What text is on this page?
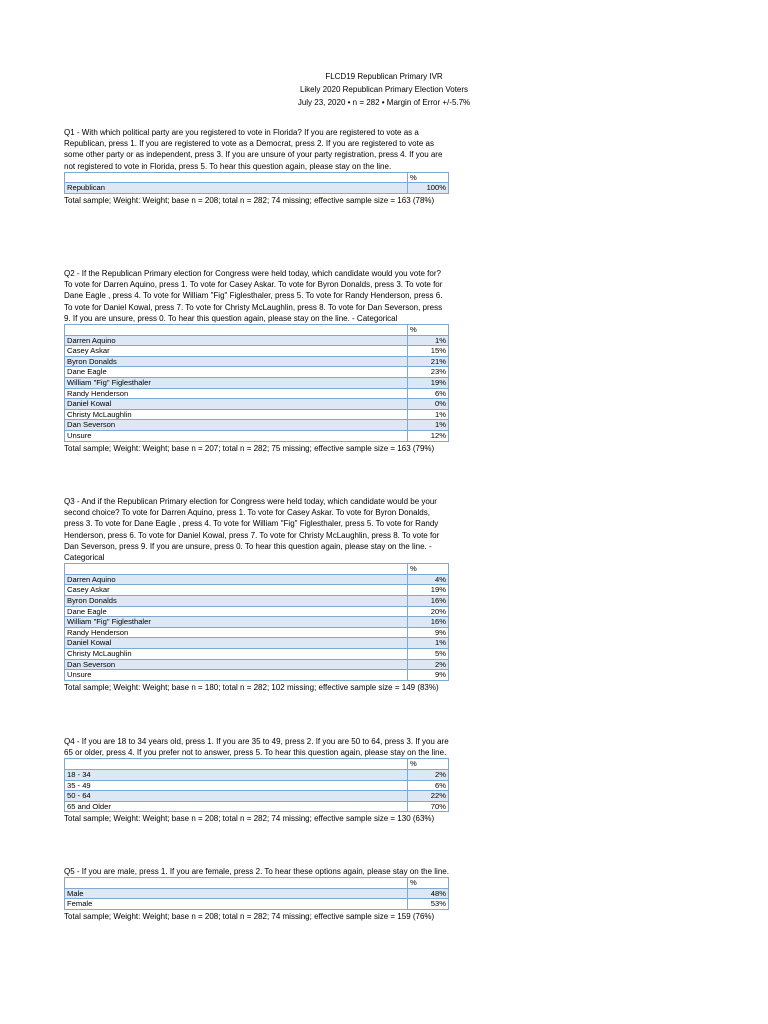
FLCD19 Republican Primary IVR
Likely 2020 Republican Primary Election Voters
July 23, 2020 • n = 282 • Margin of Error +/-5.7%

Q1 - With which political party are you registered to vote in Florida? If you are registered to vote as a Republican, press 1. If you are registered to vote as a Democrat, press 2. If you are registered to vote as some other party or as independent, press 3. If you are unsure of your party registration, press 4. If you are not registered to vote in Florida, press 5. To hear this question again, please stay on the line.

	%
Republican	100%

Total sample; Weight: Weight; base n = 208; total n = 282; 74 missing; effective sample size = 163 (78%)

Q2 - If the Republican Primary election for Congress were held today, which candidate would you vote for? To vote for Darren Aquino, press 1. To vote for Casey Askar. To vote for Byron Donalds, press 3. To vote for Dane Eagle , press 4. To vote for William "Fig" Figlesthaler, press 5. To vote for Randy Henderson, press 6. To vote for Daniel Kowal, press 7. To vote for Christy McLaughlin, press 8. To vote for Dan Severson, press 9. If you are unsure, press 0. To hear this question again, please stay on the line. - Categorical

	%
Darren Aquino	1%
Casey Askar	15%
Byron Donalds	21%
Dane Eagle	23%
William "Fig" Figlesthaler	19%
Randy Henderson	6%
Daniel Kowal	0%
Christy McLaughlin	1%
Dan Severson	1%
Unsure	12%

Total sample; Weight: Weight; base n = 207; total n = 282; 75 missing; effective sample size = 163 (79%)

Q3 - And if the Republican Primary election for Congress were held today, which candidate would be your second choice? To vote for Darren Aquino, press 1. To vote for Casey Askar. To vote for Byron Donalds, press 3. To vote for Dane Eagle , press 4. To vote for William "Fig" Figlesthaler, press 5. To vote for Randy Henderson, press 6. To vote for Daniel Kowal, press 7. To vote for Christy McLaughlin, press 8. To vote for Dan Severson, press 9. If you are unsure, press 0. To hear this question again, please stay on the line. - Categorical

	%
Darren Aquino	4%
Casey Askar	19%
Byron Donalds	16%
Dane Eagle	20%
William "Fig" Figlesthaler	16%
Randy Henderson	9%
Daniel Kowal	1%
Christy McLaughlin	5%
Dan Severson	2%
Unsure	9%

Total sample; Weight: Weight; base n = 180; total n = 282; 102 missing; effective sample size = 149 (83%)

Q4 - If you are 18 to 34 years old, press 1. If you are 35 to 49, press 2. If you are 50 to 64, press 3. If you are 65 or older, press 4. If you prefer not to answer, press 5. To hear this question again, please stay on the line.

	%
18 - 34	2%
35 - 49	6%
50 - 64	22%
65 and Older	70%

Total sample; Weight: Weight; base n = 208; total n = 282; 74 missing; effective sample size = 130 (63%)

Q5 - If you are male, press 1. If you are female, press 2. To hear these options again, please stay on the line.

	%
Male	48%
Female	53%

Total sample; Weight: Weight; base n = 208; total n = 282; 74 missing; effective sample size = 159 (76%)
